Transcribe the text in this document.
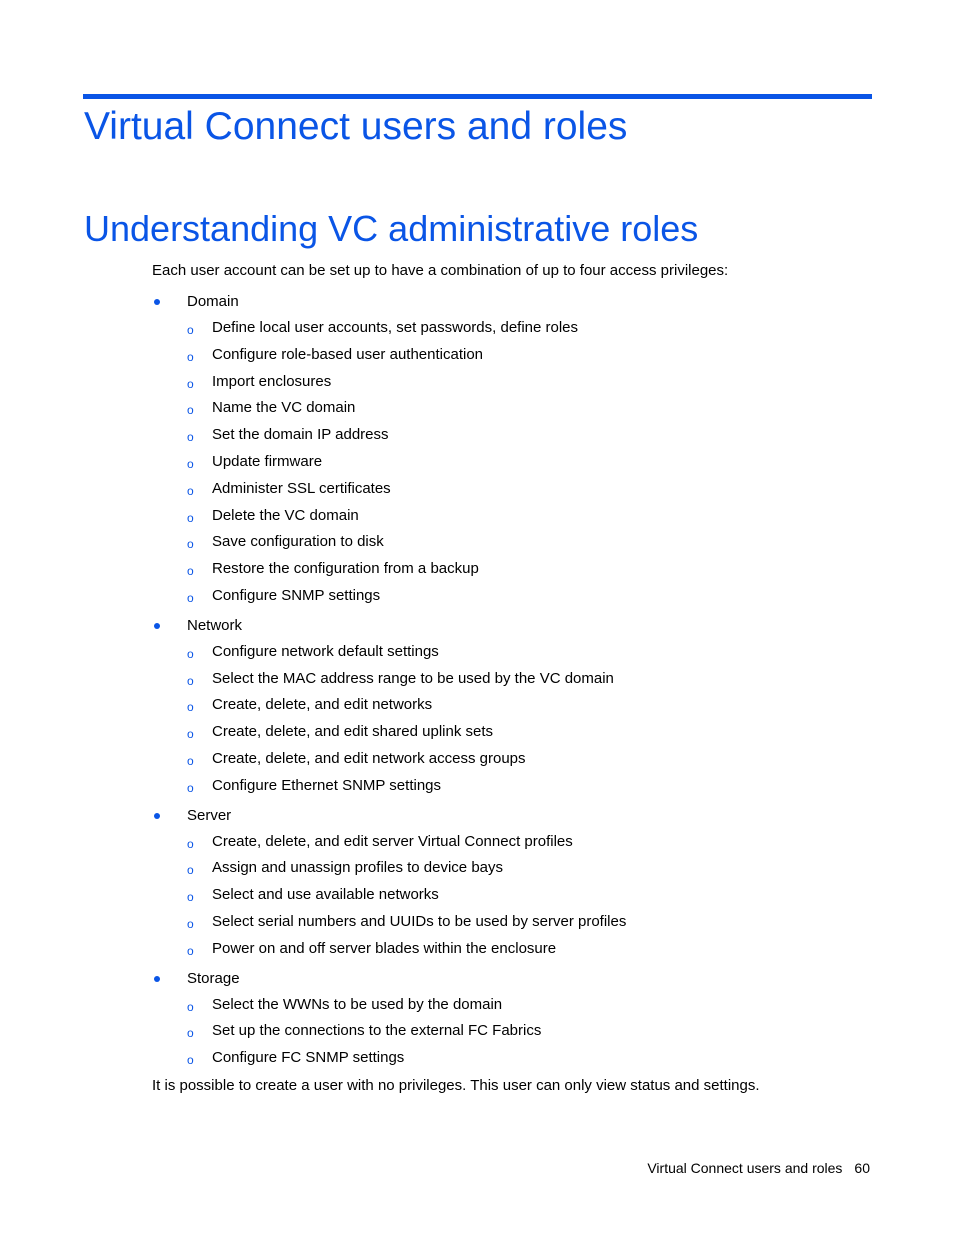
Virtual Connect users and roles
Understanding VC administrative roles

Each user account can be set up to have a combination of up to four access privileges:

Domain
o Define local user accounts, set passwords, define roles
o Configure role-based user authentication
o Import enclosures
o Name the VC domain
o Set the domain IP address
o Update firmware
o Administer SSL certificates
o Delete the VC domain
o Save configuration to disk
o Restore the configuration from a backup
o Configure SNMP settings
Network
o Configure network default settings
o Select the MAC address range to be used by the VC domain
o Create, delete, and edit networks
o Create, delete, and edit shared uplink sets
o Create, delete, and edit network access groups
o Configure Ethernet SNMP settings
Server
o Create, delete, and edit server Virtual Connect profiles
o Assign and unassign profiles to device bays
o Select and use available networks
o Select serial numbers and UUIDs to be used by server profiles
o Power on and off server blades within the enclosure
Storage
o Select the WWNs to be used by the domain
o Set up the connections to the external FC Fabrics
o Configure FC SNMP settings

It is possible to create a user with no privileges. This user can only view status and settings.

Virtual Connect users and roles 60
